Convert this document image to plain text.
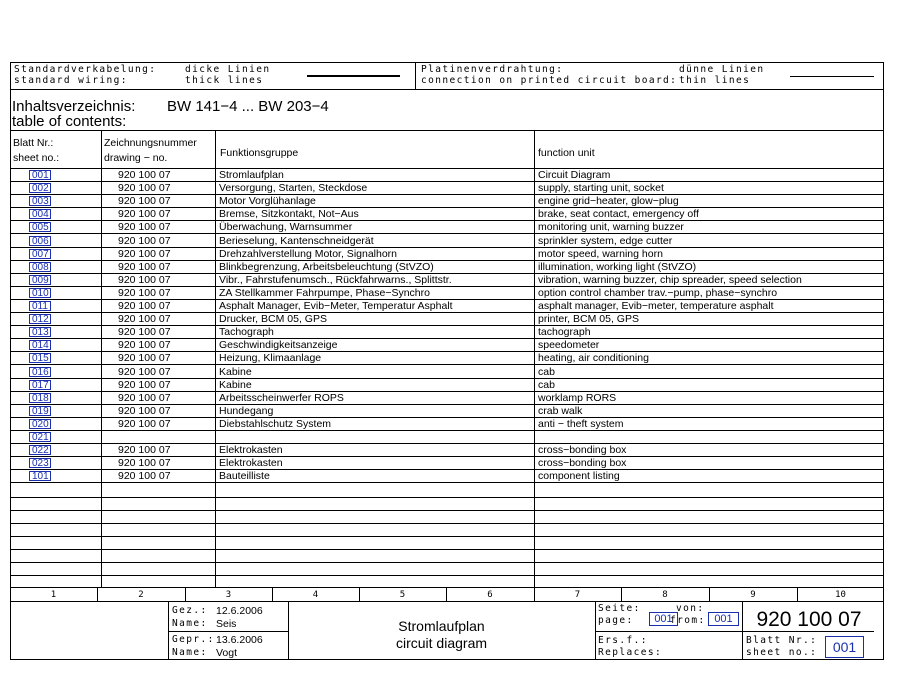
Standardverkabelung:
standard wiring:
dicke Linien
thick lines
Platinenverdrahtung:
connection on printed circuit board:
dünne Linien
thin lines
Inhaltsverzeichnis:
table of contents:
BW 141−4 ... BW 203−4
Blatt Nr.:
sheet no.:
Zeichnungsnummer
drawing − no.	Funktionsgruppe	function unit
001	920 100 07	Stromlaufplan	Circuit Diagram
002	920 100 07	Versorgung, Starten, Steckdose	supply, starting unit, socket
003	920 100 07	Motor Vorglühanlage	engine grid−heater, glow−plug
004	920 100 07	Bremse, Sitzkontakt, Not−Aus	brake, seat contact, emergency off
005	920 100 07	Überwachung, Warnsummer	monitoring unit, warning buzzer
006	920 100 07	Berieselung, Kantenschneidgerät	sprinkler system, edge cutter
007	920 100 07	Drehzahlverstellung Motor, Signalhorn	motor speed, warning horn
008	920 100 07	Blinkbegrenzung, Arbeitsbeleuchtung (StVZO)	illumination, working light (StVZO)
009	920 100 07	Vibr., Fahrstufenumsch., Rückfahrwarns., Splittstr.	vibration, warning buzzer, chip spreader, speed selection
010	920 100 07	ZA Stellkammer Fahrpumpe, Phase−Synchro	option control chamber trav.−pump, phase−synchro
011	920 100 07	Asphalt Manager, Evib−Meter, Temperatur Asphalt	asphalt manager, Evib−meter, temperature asphalt
012	920 100 07	Drucker, BCM 05, GPS	printer, BCM 05, GPS
013	920 100 07	Tachograph	tachograph
014	920 100 07	Geschwindigkeitsanzeige	speedometer
015	920 100 07	Heizung, Klimaanlage	heating, air conditioning
016	920 100 07	Kabine	cab
017	920 100 07	Kabine	cab
018	920 100 07	Arbeitsscheinwerfer ROPS	worklamp RORS
019	920 100 07	Hundegang	crab walk
020	920 100 07	Diebstahlschutz System	anti − theft system
021
022	920 100 07	Elektrokasten	cross−bonding box
023	920 100 07	Elektrokasten	cross−bonding box
101	920 100 07	Bauteilliste	component listing
1	2	3	4	5	6	7	8	9	10
Gez.: 12.6.2006
Name: Seis
Gepr.: 13.6.2006
Name: Vogt
Stromlaufplan
circuit diagram
Seite:
page:	001
von:
from: 001	920 100 07
Ers.f.:
Replaces:
Blatt Nr.:
sheet no.:	001
